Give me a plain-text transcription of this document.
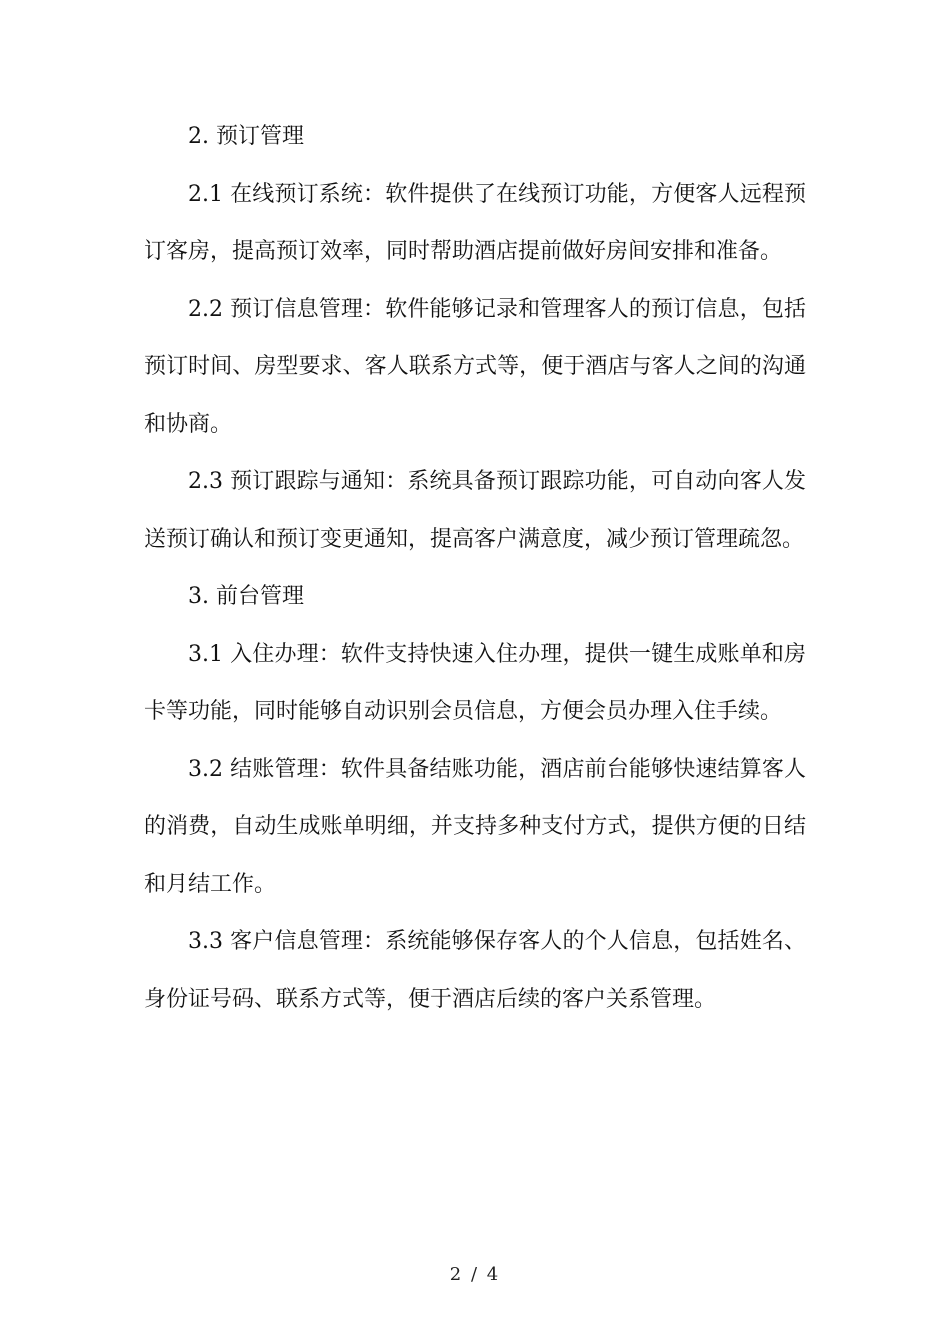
2. 预订管理

2.1 在线预订系统：软件提供了在线预订功能，方便客人远程预订客房，提高预订效率，同时帮助酒店提前做好房间安排和准备。

2.2 预订信息管理：软件能够记录和管理客人的预订信息，包括预订时间、房型要求、客人联系方式等，便于酒店与客人之间的沟通和协商。

2.3 预订跟踪与通知：系统具备预订跟踪功能，可自动向客人发送预订确认和预订变更通知，提高客户满意度，减少预订管理疏忽。

3. 前台管理

3.1 入住办理：软件支持快速入住办理，提供一键生成账单和房卡等功能，同时能够自动识别会员信息，方便会员办理入住手续。

3.2 结账管理：软件具备结账功能，酒店前台能够快速结算客人的消费，自动生成账单明细，并支持多种支付方式，提供方便的日结和月结工作。

3.3 客户信息管理：系统能够保存客人的个人信息，包括姓名、身份证号码、联系方式等，便于酒店后续的客户关系管理。

2 / 4
